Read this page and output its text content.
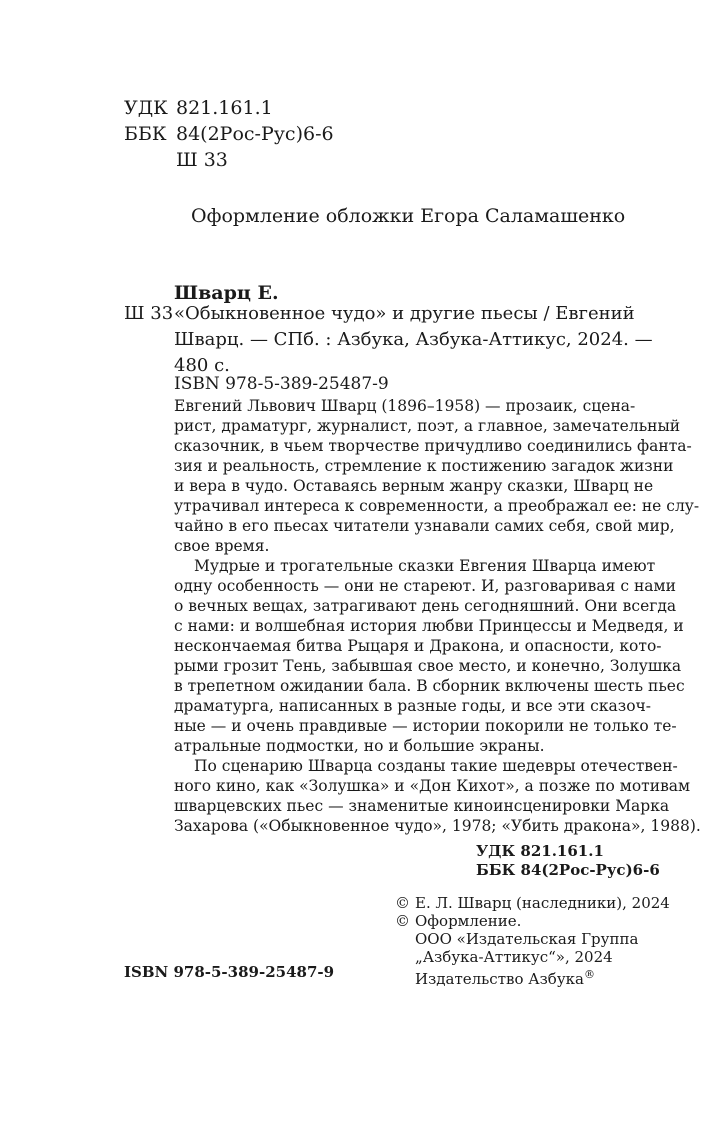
УДК 821.161.1
ББК 84(2Рос-Рус)6-6
Ш 33
Оформление обложки Егора Саламашенко
Шварц Е.
Ш 33 «Обыкновенное чудо» и другие пьесы / Евгений
Шварц. — СПб. : Азбука, Азбука-Аттикус, 2024. —
480 с.
ISBN 978-5-389-25487-9

Евгений Львович Шварц (1896–1958) — прозаик, сцена-
рист, драматург, журналист, поэт, а главное, замечательный
сказочник, в чьем творчестве причудливо соединились фанта-
зия и реальность, стремление к постижению загадок жизни
и вера в чудо. Оставаясь верным жанру сказки, Шварц не
утрачивал интереса к современности, а преображал ее: не слу-
чайно в его пьесах читатели узнавали самих себя, свой мир,
свое время.

Мудрые и трогательные сказки Евгения Шварца имеют
одну особенность — они не стареют. И, разговаривая с нами
о вечных вещах, затрагивают день сегодняшний. Они всегда
с нами: и волшебная история любви Принцессы и Медведя, и
нескончаемая битва Рыцаря и Дракона, и опасности, кото-
рыми грозит Тень, забывшая свое место, и конечно, Золушка
в трепетном ожидании бала. В сборник включены шесть пьес
драматурга, написанных в разные годы, и все эти сказоч-
ные — и очень правдивые — истории покорили не только те-
атральные подмостки, но и большие экраны.

По сценарию Шварца созданы такие шедевры отечествен-
ного кино, как «Золушка» и «Дон Кихот», а позже по мотивам
шварцевских пьес — знаменитые киноинсценировки Марка
Захарова («Обыкновенное чудо», 1978; «Убить дракона», 1988).

УДК 821.161.1
ББК 84(2Рос-Рус)6-6
© Е. Л. Шварц (наследники), 2024
© Оформление.
ООО «Издательская Группа
„Азбука-Аттикус“», 2024
Издательство Азбука®
ISBN 978-5-389-25487-9
